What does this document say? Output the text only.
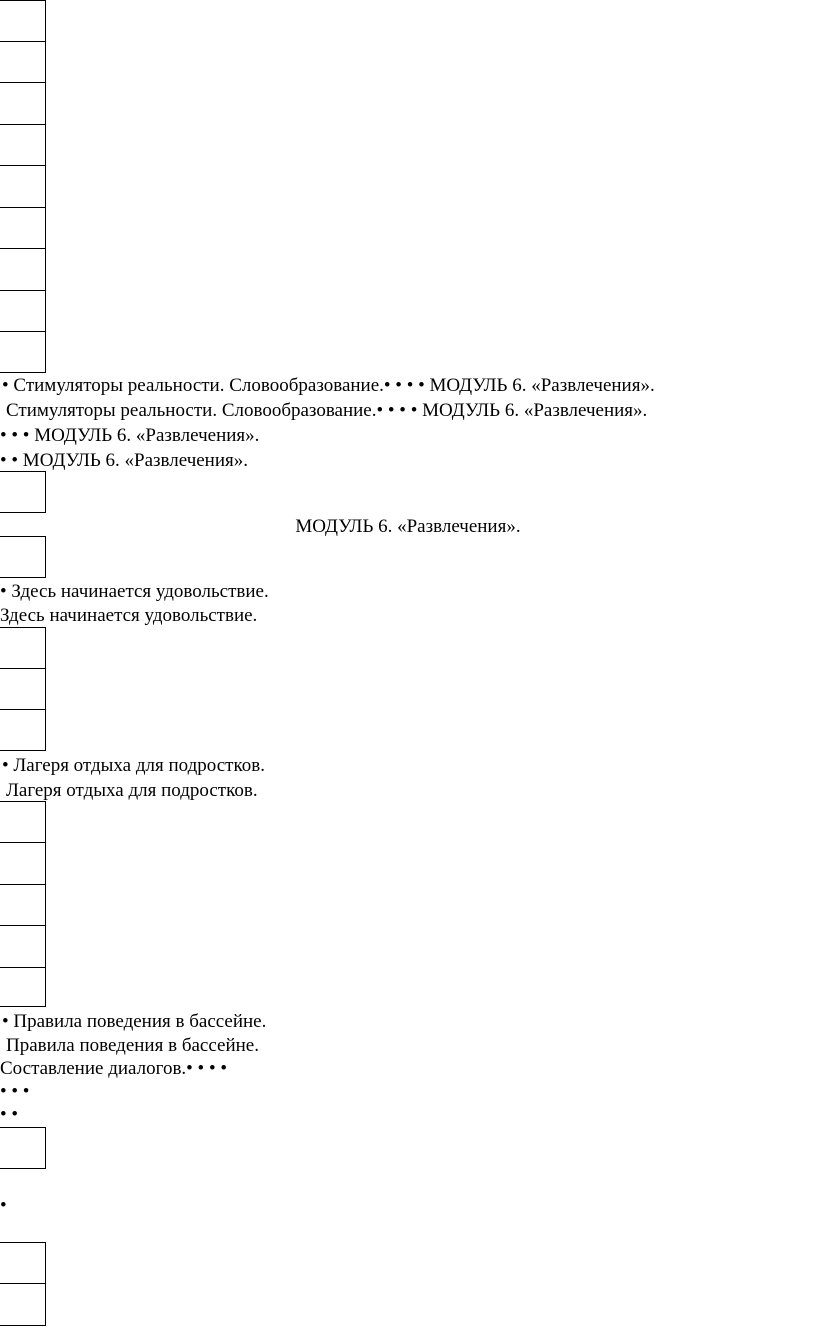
• Стимуляторы реальности. Словообразование.• • • • МОДУЛЬ 6. «Развлечения».
Стимуляторы реальности. Словообразование.• • • • МОДУЛЬ 6. «Развлечения».
• • • МОДУЛЬ 6. «Развлечения».
• • МОДУЛЬ 6. «Развлечения».
МОДУЛЬ 6. «Развлечения».
• Здесь начинается удовольствие.
Здесь начинается удовольствие.
• Лагеря отдыха для подростков.
Лагеря отдыха для подростков.
• Правила поведения в бассейне.
Правила поведения в бассейне.
Составление диалогов.• • • •
• • •
• •
•
